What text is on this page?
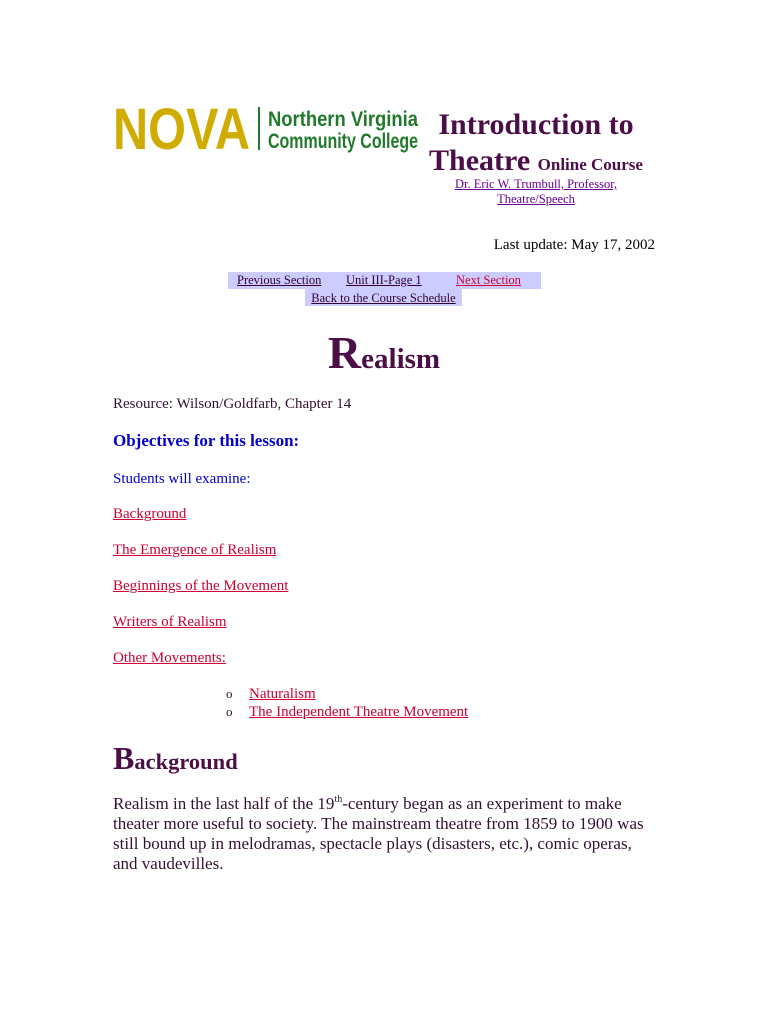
NOVA Northern Virginia
Community College
Introduction to Theatre Online Course
Dr. Eric W. Trumbull, Professor, Theatre/Speech
Last update: May 17, 2002
Previous Section Unit III-Page 1	Next Section
Back to the Course Schedule
Realism
Resource: Wilson/Goldfarb, Chapter 14
Objectives for this lesson:
Students will examine:
Background
The Emergence of Realism
Beginnings of the Movement
Writers of Realism
Other Movements:
o Naturalism
o The Independent Theatre Movement
Background

Realism in the last half of the 19th-century began as an experiment to make theater more useful to society. The mainstream theatre from 1859 to 1900 was still bound up in melodramas, spectacle plays (disasters, etc.), comic operas, and vaudevilles.
